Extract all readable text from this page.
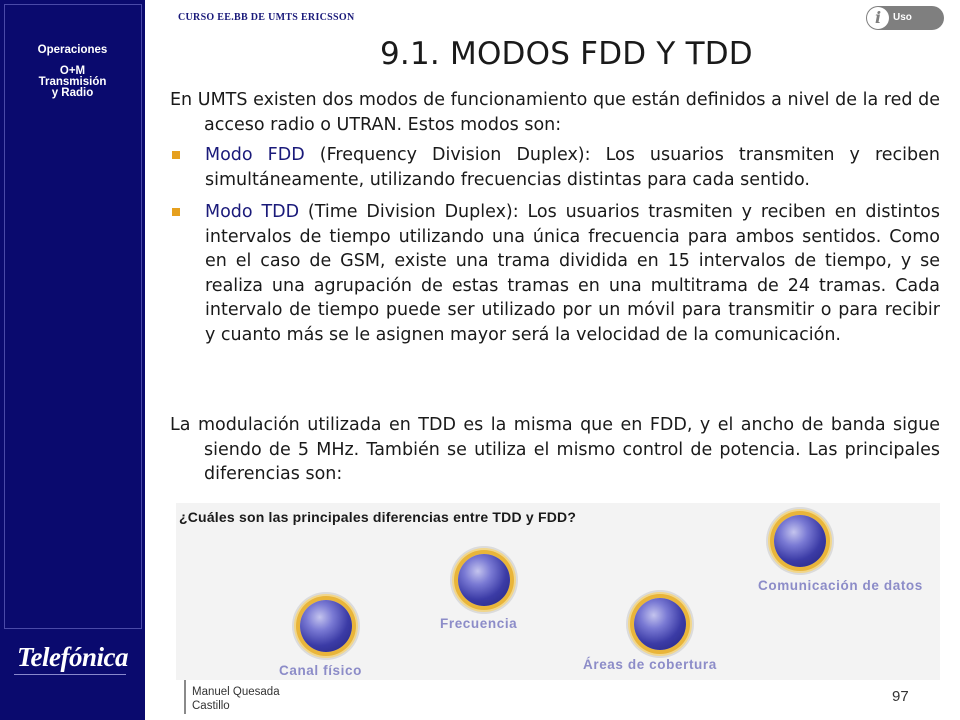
Operaciones
O+M
Transmisión
y Radio
Telefónica
CURSO EE.BB DE UMTS ERICSSON	i	Uso Interno
9.1. MODOS FDD Y TDD
En UMTS existen dos modos de funcionamiento que están definidos a nivel de la red de acceso radio o UTRAN. Estos modos son:
Modo FDD (Frequency Division Duplex): Los usuarios transmiten y reciben simultáneamente, utilizando frecuencias distintas para cada sentido.
Modo TDD (Time Division Duplex): Los usuarios trasmiten y reciben en distintos intervalos de tiempo utilizando una única frecuencia para ambos sentidos. Como en el caso de GSM, existe una trama dividida en 15 intervalos de tiempo, y se realiza una agrupación de estas tramas en una multitrama de 24 tramas. Cada intervalo de tiempo puede ser utilizado por un móvil para transmitir o para recibir y cuanto más se le asignen mayor será la velocidad de la comunicación.
La modulación utilizada en TDD es la misma que en FDD, y el ancho de banda sigue siendo de 5 MHz. También se utiliza el mismo control de potencia. Las principales diferencias son:
¿Cuáles son las principales diferencias entre TDD y FDD?
Canal físico
Frecuencia
Áreas de cobertura
Comunicación de datos
Manuel Quesada Castillo
97
